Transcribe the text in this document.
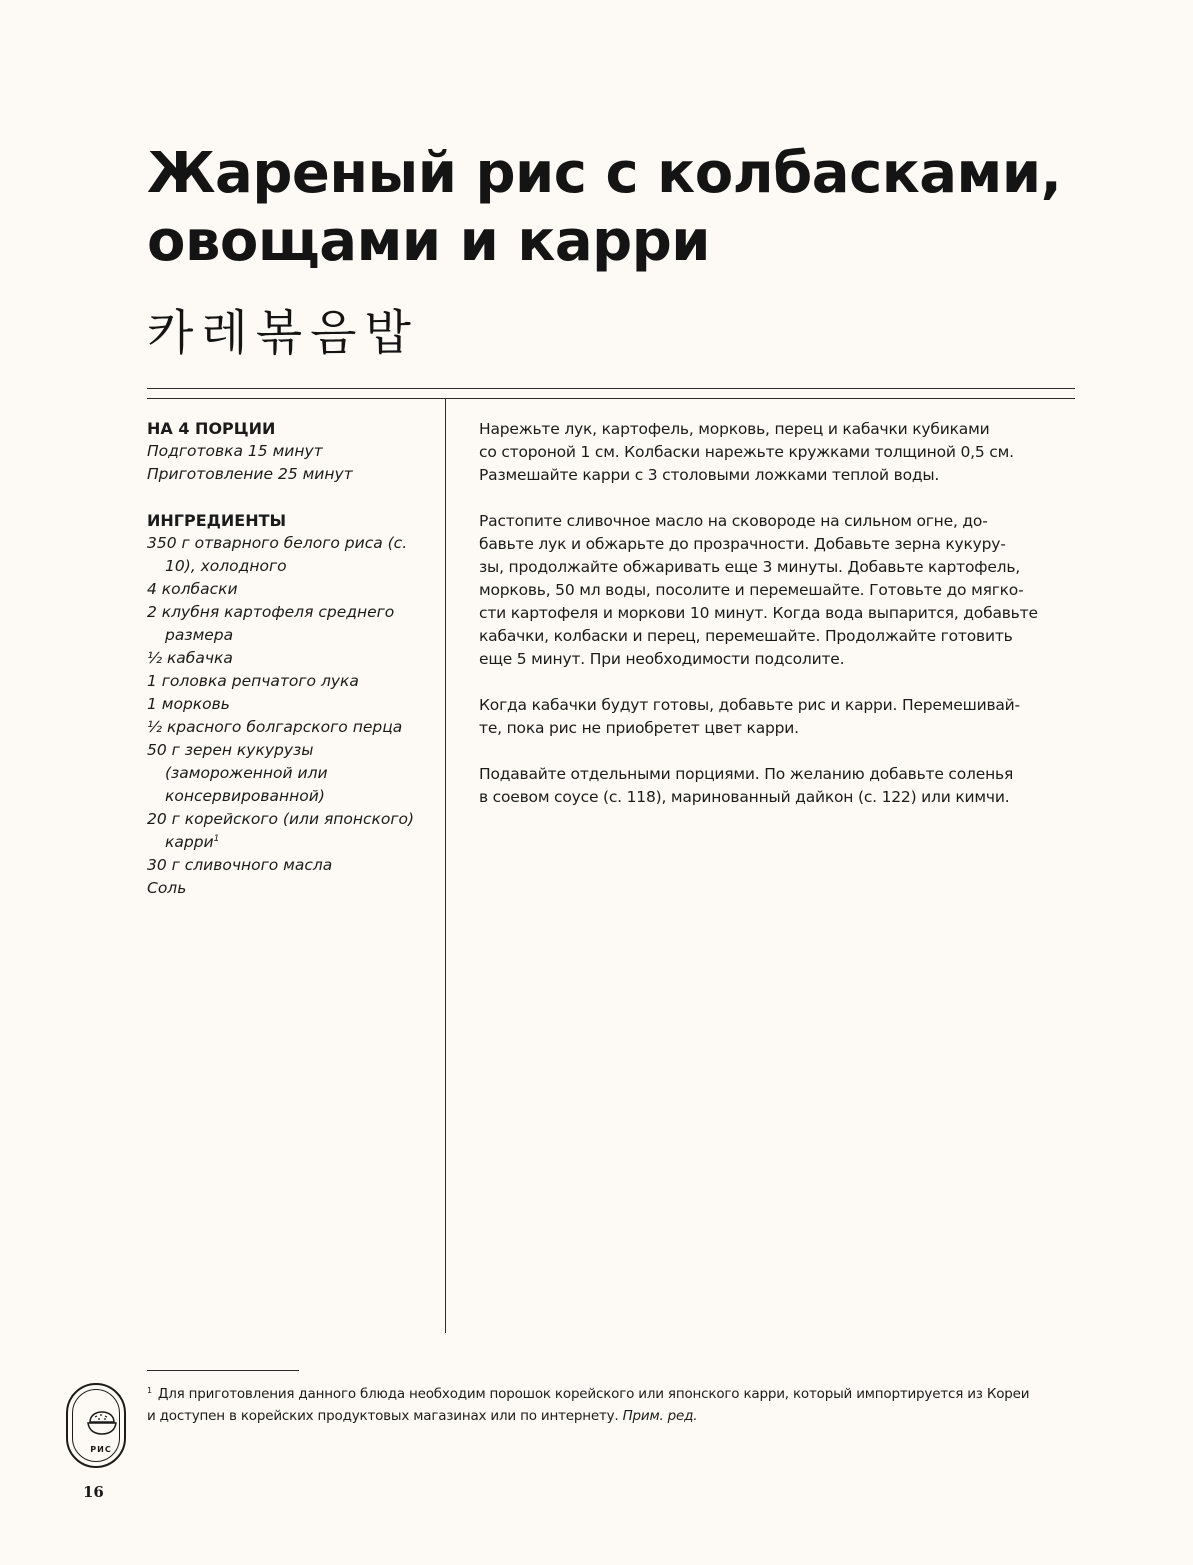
Жареный рис с колбасками,
овощами и карри
카레볶음밥
НА 4 ПОРЦИИ
Подготовка 15 минут
Приготовление 25 минут
ИНГРЕДИЕНТЫ
350 г отварного белого риса (с. 10), холодного
4 колбаски
2 клубня картофеля среднего размера
½ кабачка
1 головка репчатого лука
1 морковь
½ красного болгарского перца
50 г зерен кукурузы (замороженной или консервированной)
20 г корейского (или японского) карри$^1$
30 г сливочного масла
Соль
Нарежьте лук, картофель, морковь, перец и кабачки кубиками
со стороной 1 см. Колбаски нарежьте кружками толщиной 0,5 см.
Размешайте карри с 3 столовыми ложками теплой воды.
Растопите сливочное масло на сковороде на сильном огне, до-
бавьте лук и обжарьте до прозрачности. Добавьте зерна кукуру-
зы, продолжайте обжаривать еще 3 минуты. Добавьте картофель,
морковь, 50 мл воды, посолите и перемешайте. Готовьте до мягко-
сти картофеля и моркови 10 минут. Когда вода выпарится, добавьте
кабачки, колбаски и перец, перемешайте. Продолжайте готовить
еще 5 минут. При необходимости подсолите.
Когда кабачки будут готовы, добавьте рис и карри. Перемешивай-
те, пока рис не приобретет цвет карри.
Подавайте отдельными порциями. По желанию добавьте соленья
в соевом соусе (с. 118), маринованный дайкон (с. 122) или кимчи.
$^1$ Для приготовления данного блюда необходим порошок корейского или японского карри, который импортируется из Кореи
и доступен в корейских продуктовых магазинах или по интернету. Прим. ред.
РИС
16
